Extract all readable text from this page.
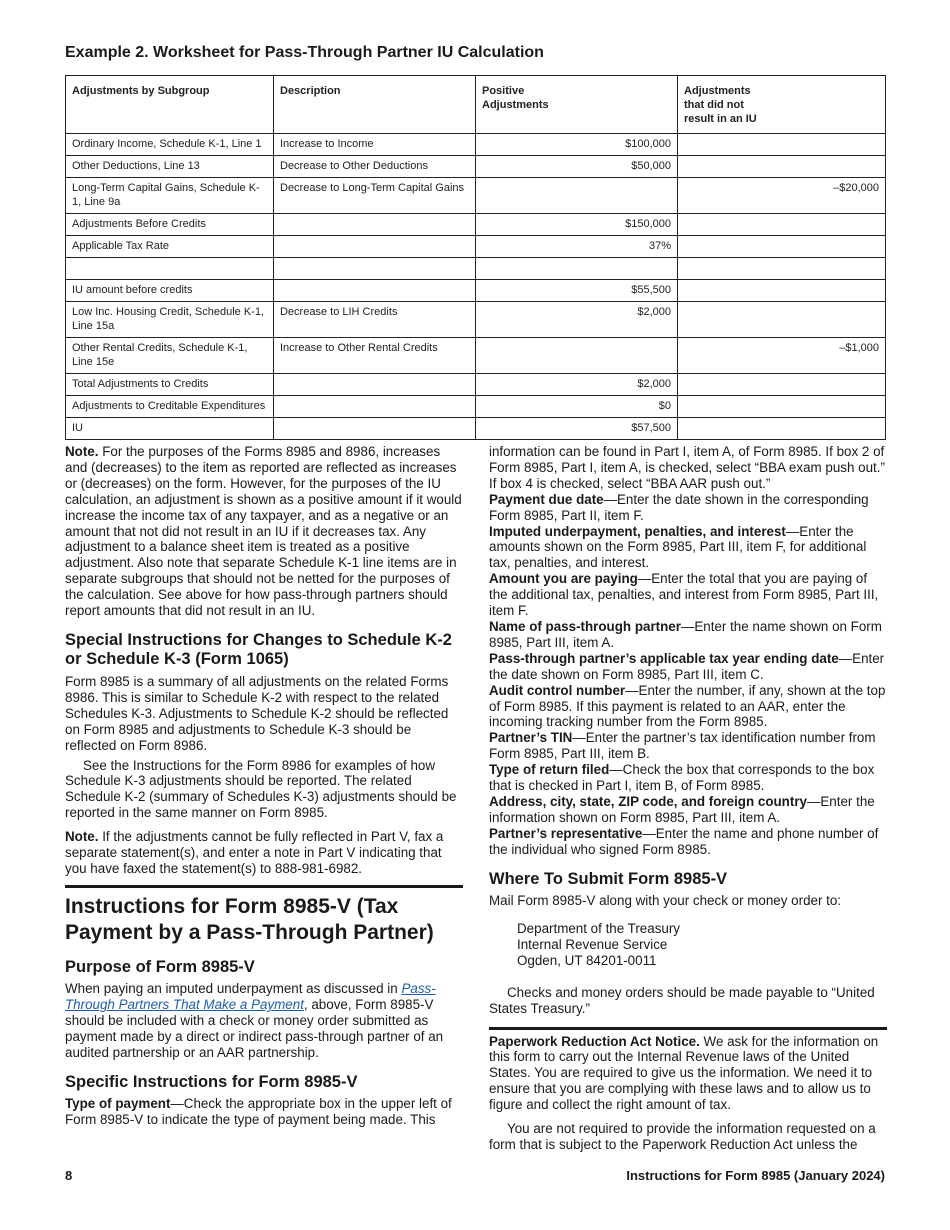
Example 2. Worksheet for Pass-Through Partner IU Calculation
Adjustments by Subgroup	Description	Positive
Adjustments	Adjustments
that did not
result in an IU
Ordinary Income, Schedule K-1, Line 1	Increase to Income	$100,000	
Other Deductions, Line 13	Decrease to Other Deductions	$50,000	
Long-Term Capital Gains, Schedule K-1, Line 9a	Decrease to Long-Term Capital Gains		–$20,000
Adjustments Before Credits		$150,000	
Applicable Tax Rate		37%	

IU amount before credits		$55,500	
Low Inc. Housing Credit, Schedule K-1, Line 15a	Decrease to LIH Credits	$2,000	
Other Rental Credits, Schedule K-1, Line 15e	Increase to Other Rental Credits		–$1,000
Total Adjustments to Credits		$2,000	
Adjustments to Creditable Expenditures		$0	
IU		$57,500	

Note. For the purposes of the Forms 8985 and 8986, increases and (decreases) to the item as reported are reflected as increases or (decreases) on the form. However, for the purposes of the IU calculation, an adjustment is shown as a positive amount if it would increase the income tax of any taxpayer, and as a negative or an amount that not did not result in an IU if it decreases tax. Any adjustment to a balance sheet item is treated as a positive adjustment. Also note that separate Schedule K-1 line items are in separate subgroups that should not be netted for the purposes of the calculation. See above for how pass-through partners should report amounts that did not result in an IU.

Special Instructions for Changes to Schedule K-2 or Schedule K-3 (Form 1065)

Form 8985 is a summary of all adjustments on the related Forms 8986. This is similar to Schedule K-2 with respect to the related Schedules K-3. Adjustments to Schedule K-2 should be reflected on Form 8985 and adjustments to Schedule K-3 should be reflected on Form 8986.

See the Instructions for the Form 8986 for examples of how Schedule K-3 adjustments should be reported. The related Schedule K-2 (summary of Schedules K-3) adjustments should be reported in the same manner on Form 8985.

Note. If the adjustments cannot be fully reflected in Part V, fax a separate statement(s), and enter a note in Part V indicating that you have faxed the statement(s) to 888-981-6982.

Instructions for Form 8985-V (Tax Payment by a Pass-Through Partner)
Purpose of Form 8985-V

When paying an imputed underpayment as discussed in Pass-Through Partners That Make a Payment, above, Form 8985-V should be included with a check or money order submitted as payment made by a direct or indirect pass-through partner of an audited partnership or an AAR partnership.

Specific Instructions for Form 8985-V

Type of payment—Check the appropriate box in the upper left of Form 8985-V to indicate the type of payment being made. This

information can be found in Part I, item A, of Form 8985. If box 2 of Form 8985, Part I, item A, is checked, select “BBA exam push out.” If box 4 is checked, select “BBA AAR push out.”

Payment due date—Enter the date shown in the corresponding Form 8985, Part II, item F.

Imputed underpayment, penalties, and interest—Enter the amounts shown on the Form 8985, Part III, item F, for additional tax, penalties, and interest.

Amount you are paying—Enter the total that you are paying of the additional tax, penalties, and interest from Form 8985, Part III, item F.

Name of pass-through partner—Enter the name shown on Form 8985, Part III, item A.

Pass-through partner’s applicable tax year ending date—Enter the date shown on Form 8985, Part III, item C.

Audit control number—Enter the number, if any, shown at the top of Form 8985. If this payment is related to an AAR, enter the incoming tracking number from the Form 8985.

Partner’s TIN—Enter the partner’s tax identification number from Form 8985, Part III, item B.

Type of return filed—Check the box that corresponds to the box that is checked in Part I, item B, of Form 8985.

Address, city, state, ZIP code, and foreign country—Enter the information shown on Form 8985, Part III, item A.

Partner’s representative—Enter the name and phone number of the individual who signed Form 8985.

Where To Submit Form 8985-V

Mail Form 8985-V along with your check or money order to:

Department of the Treasury

Internal Revenue Service

Ogden, UT 84201-0011

Checks and money orders should be made payable to “United States Treasury.”

Paperwork Reduction Act Notice. We ask for the information on this form to carry out the Internal Revenue laws of the United States. You are required to give us the information. We need it to ensure that you are complying with these laws and to allow us to figure and collect the right amount of tax.

You are not required to provide the information requested on a form that is subject to the Paperwork Reduction Act unless the

8	Instructions for Form 8985 (January 2024)
